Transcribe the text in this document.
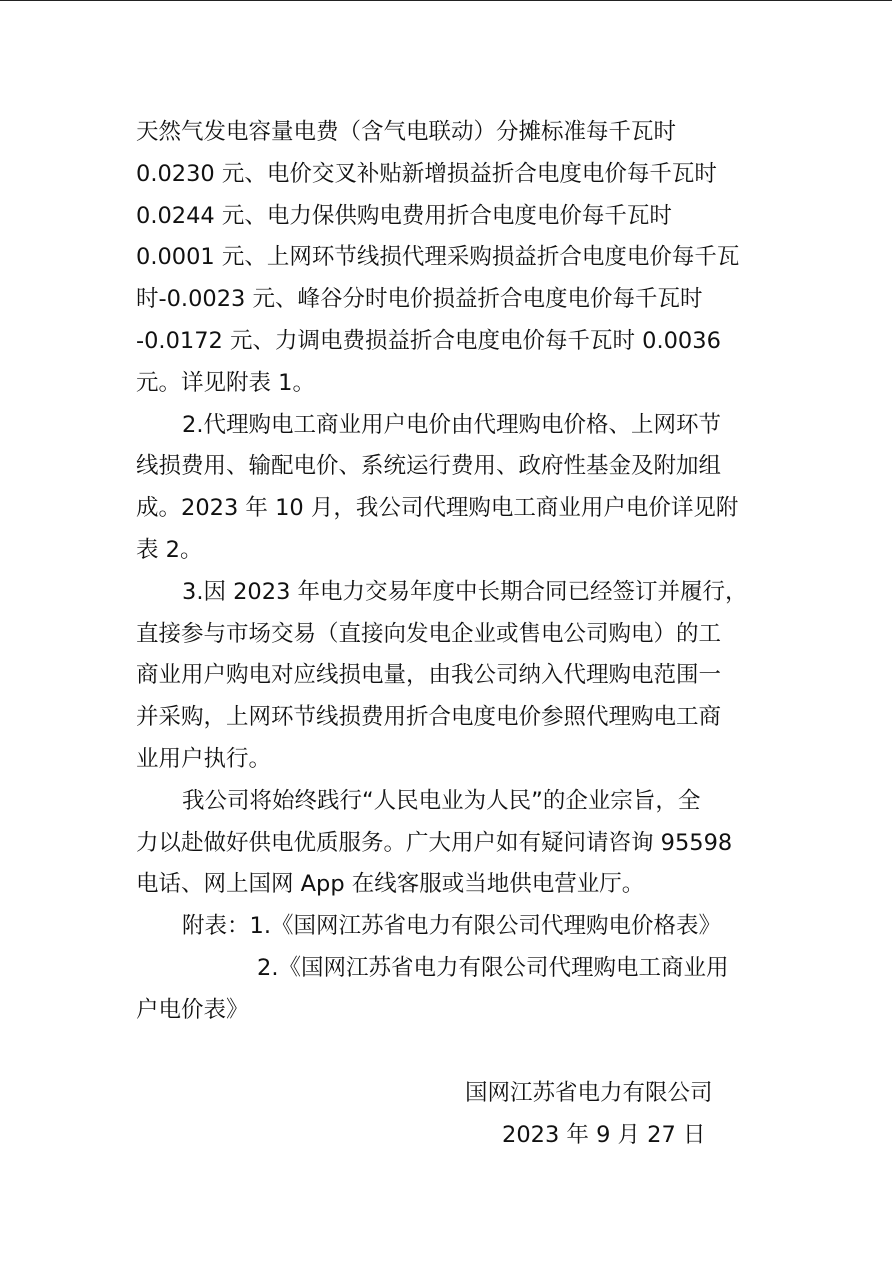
天然气发电容量电费（含气电联动）分摊标准每千瓦时
0.0230 元、电价交叉补贴新增损益折合电度电价每千瓦时
0.0244 元、电力保供购电费用折合电度电价每千瓦时
0.0001 元、上网环节线损代理采购损益折合电度电价每千瓦
时-0.0023 元、峰谷分时电价损益折合电度电价每千瓦时
-0.0172 元、力调电费损益折合电度电价每千瓦时 0.0036
元。详见附表 1。
2.代理购电工商业用户电价由代理购电价格、上网环节
线损费用、输配电价、系统运行费用、政府性基金及附加组
成。2023 年 10 月，我公司代理购电工商业用户电价详见附
表 2。
3.因 2023 年电力交易年度中长期合同已经签订并履行，
直接参与市场交易（直接向发电企业或售电公司购电）的工
商业用户购电对应线损电量，由我公司纳入代理购电范围一
并采购，上网环节线损费用折合电度电价参照代理购电工商
业用户执行。
我公司将始终践行“人民电业为人民”的企业宗旨，全
力以赴做好供电优质服务。广大用户如有疑问请咨询 95598
电话、网上国网 App 在线客服或当地供电营业厅。
附表：1.《国网江苏省电力有限公司代理购电价格表》
2.《国网江苏省电力有限公司代理购电工商业用
户电价表》
国网江苏省电力有限公司
2023 年 9 月 27 日
